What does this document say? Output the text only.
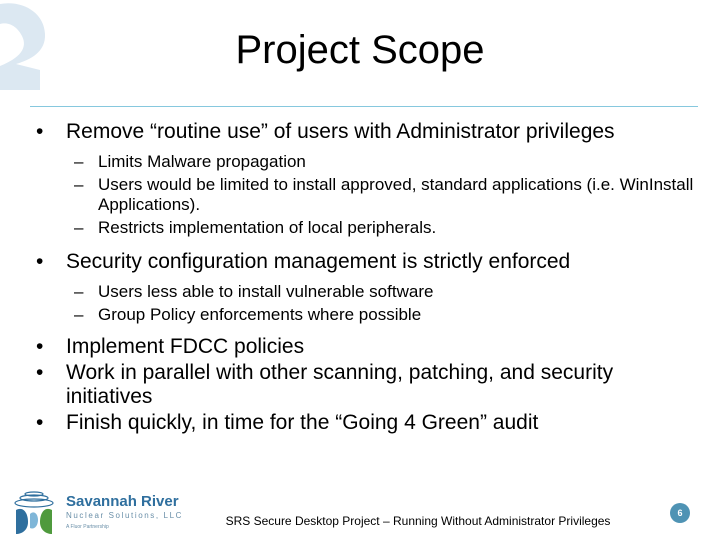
Project Scope
• Remove “routine use” of users with Administrator privileges
– Limits Malware propagation
– Users would be limited to install approved, standard applications (i.e. WinInstall Applications).
– Restricts implementation of local peripherals.
• Security configuration management is strictly enforced
– Users less able to install vulnerable software
– Group Policy enforcements where possible
• Implement FDCC policies
• Work in parallel with other scanning, patching, and security initiatives
• Finish quickly, in time for the “Going 4 Green” audit
Savannah River
Nuclear Solutions, LLC
A Fluor Partnership	SRS Secure Desktop Project – Running Without Administrator Privileges
6
